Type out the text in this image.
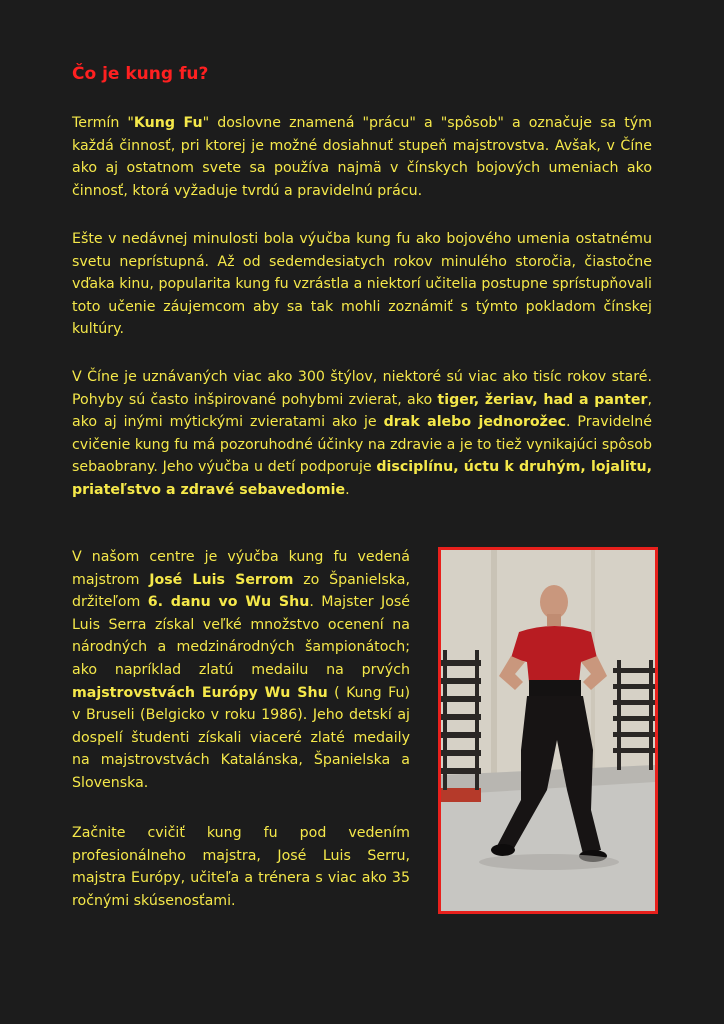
Čo je kung fu?

Termín "Kung Fu" doslovne znamená "prácu" a "spôsob" a označuje sa tým každá činnosť, pri ktorej je možné dosiahnuť stupeň majstrovstva. Avšak, v Číne ako aj ostatnom svete sa používa najmä v čínskych bojových umeniach ako činnosť, ktorá vyžaduje tvrdú a pravidelnú prácu.

Ešte v nedávnej minulosti bola výučba kung fu ako bojového umenia ostatnému svetu neprístupná. Až od sedemdesiatych rokov minulého storočia, čiastočne vďaka kinu, popularita kung fu vzrástla a niektorí učitelia postupne sprístupňovali toto učenie záujemcom aby sa tak mohli zoznámiť s týmto pokladom čínskej kultúry.

V Číne je uznávaných viac ako 300 štýlov, niektoré sú viac ako tisíc rokov staré. Pohyby sú často inšpirované pohybmi zvierat, ako tiger, žeriav, had a panter, ako aj inými mýtickými zvieratami ako je drak alebo jednorožec. Pravidelné cvičenie kung fu má pozoruhodné účinky na zdravie a je to tiež vynikajúci spôsob sebaobrany. Jeho výučba u detí podporuje disciplínu, úctu k druhým, lojalitu, priateľstvo a zdravé sebavedomie.

V našom centre je výučba kung fu vedená majstrom José Luis Serrom zo Španielska, držiteľom 6. danu vo Wu Shu. Majster José Luis Serra získal veľké množstvo ocenení na národných a medzinárodných šampionátoch; ako napríklad zlatú medailu na prvých majstrovstvách Európy Wu Shu ( Kung Fu) v Bruseli (Belgicko v roku 1986). Jeho detskí aj dospelí študenti získali viaceré zlaté medaily na majstrovstvách Katalánska, Španielska a Slovenska.

Začnite cvičiť kung fu pod vedením profesionálneho majstra, José Luis Serru, majstra Európy, učiteľa a trénera s viac ako 35 ročnými skúsenosťami.
